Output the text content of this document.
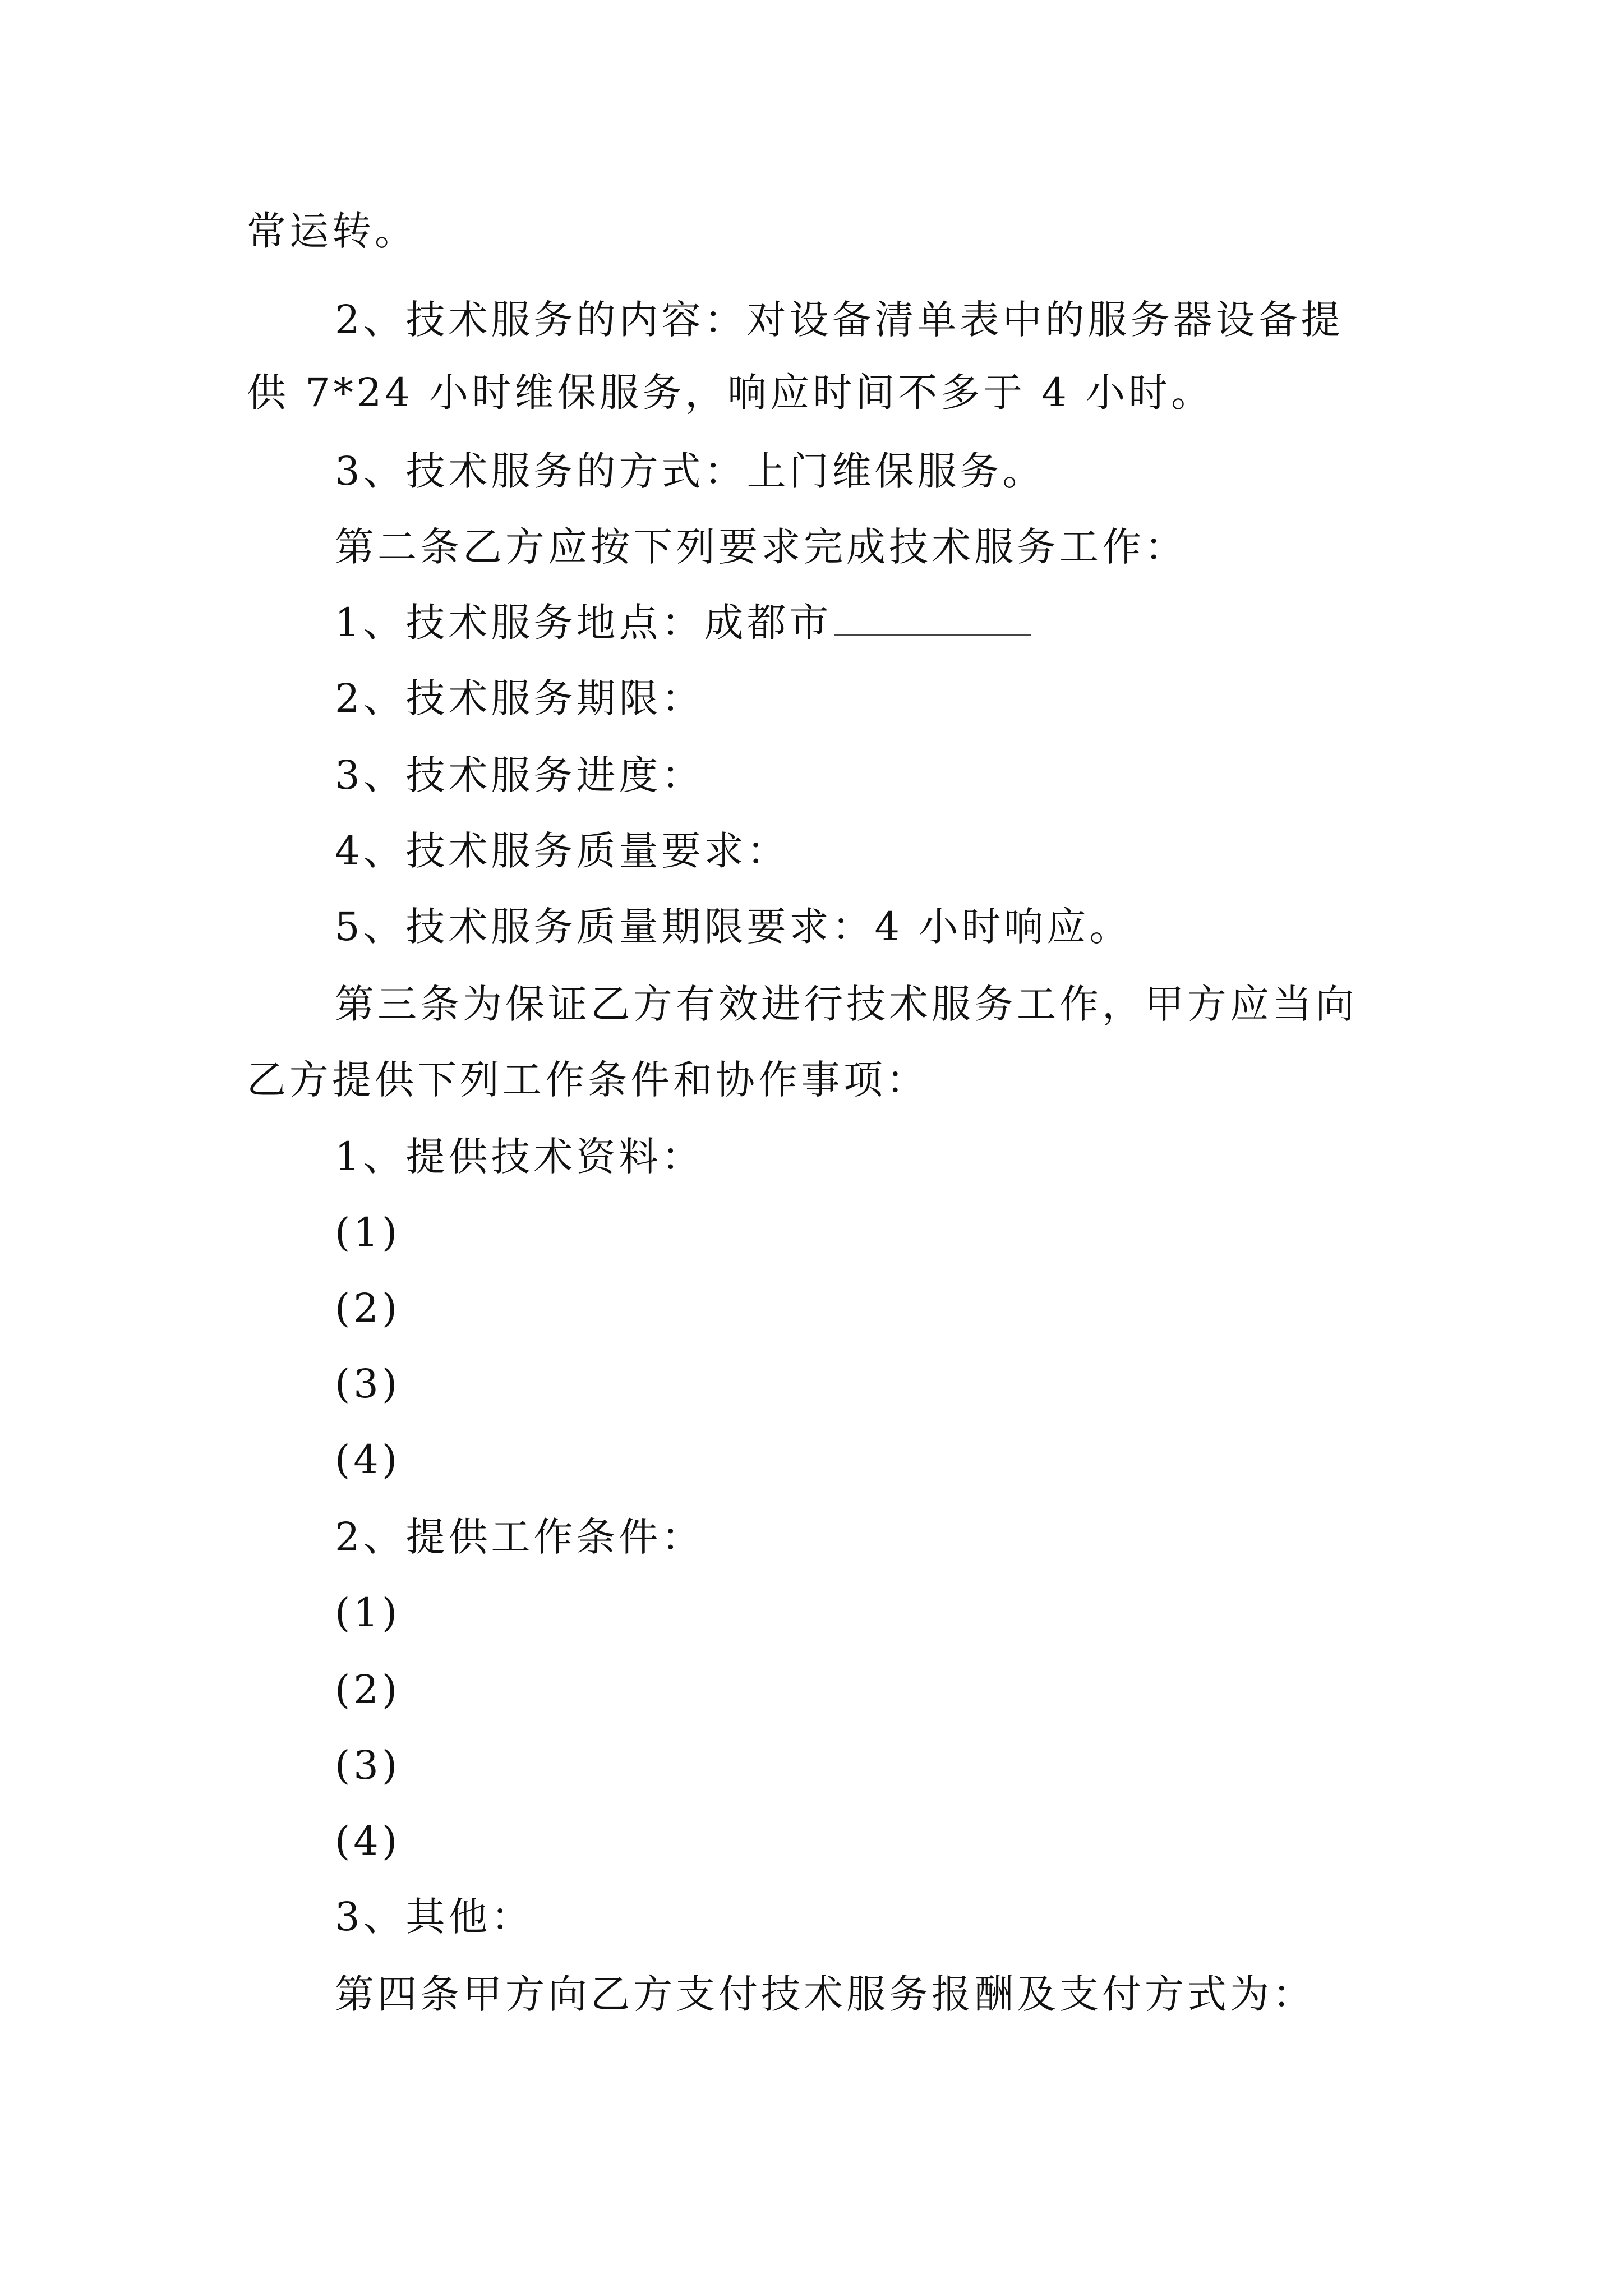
常运转。
2、技术服务的内容：对设备清单表中的服务器设备提
供 7*24 小时维保服务，响应时间不多于 4 小时。
3、技术服务的方式：上门维保服务。
第二条乙方应按下列要求完成技术服务工作：
1、技术服务地点：成都市
2、技术服务期限：
3、技术服务进度：
4、技术服务质量要求：
5、技术服务质量期限要求：4 小时响应。
第三条为保证乙方有效进行技术服务工作，甲方应当向
乙方提供下列工作条件和协作事项：
1、提供技术资料：
(1)
(2)
(3)
(4)
2、提供工作条件：
(1)
(2)
(3)
(4)
3、其他：
第四条甲方向乙方支付技术服务报酬及支付方式为：
